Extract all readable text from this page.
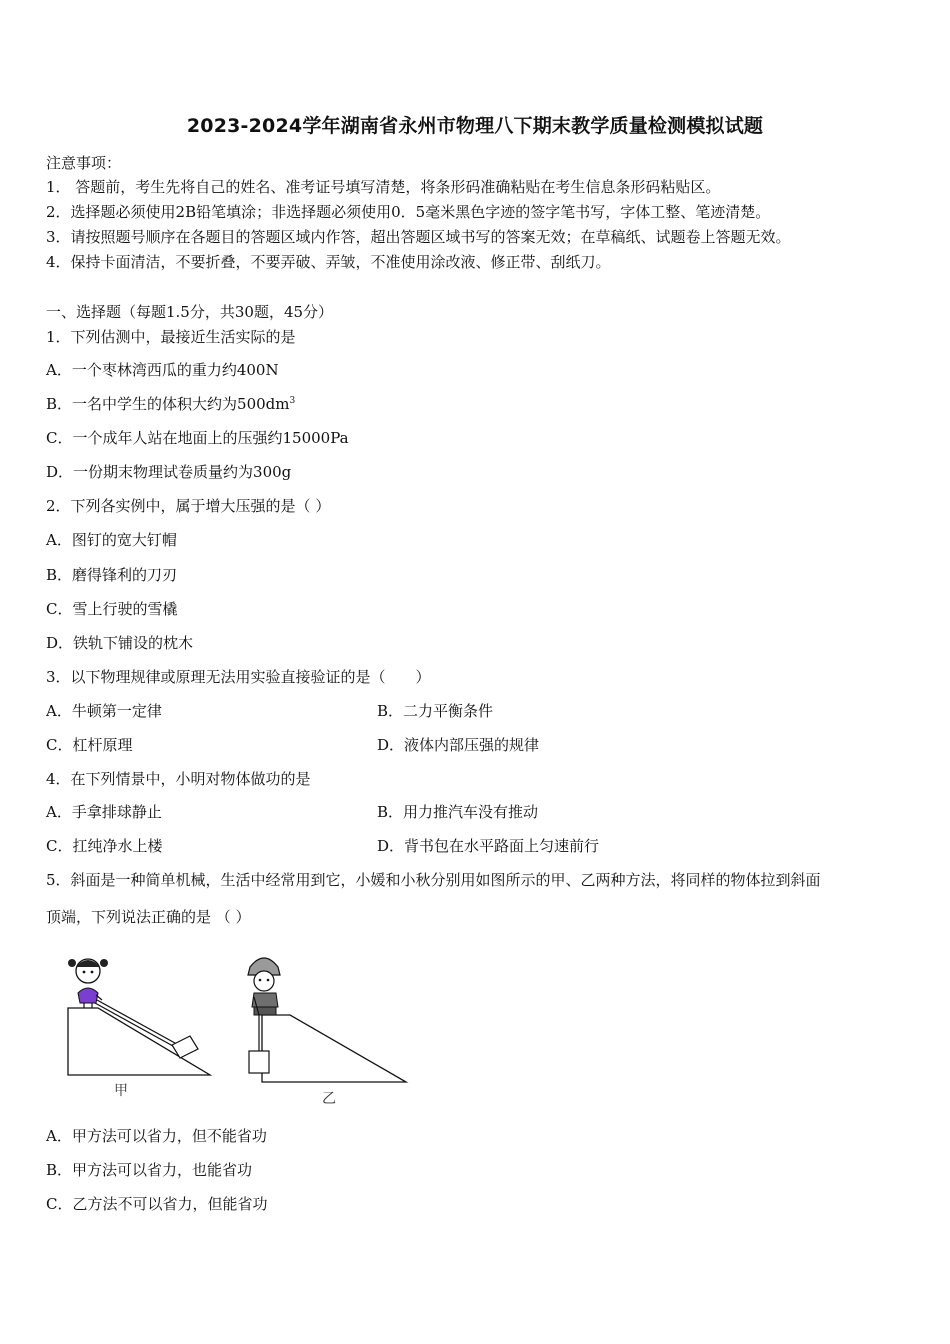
2023-2024学年湖南省永州市物理八下期末教学质量检测模拟试题
注意事项：
1． 答题前，考生先将自己的姓名、准考证号填写清楚，将条形码准确粘贴在考生信息条形码粘贴区。
2．选择题必须使用2B铅笔填涂；非选择题必须使用0．5毫米黑色字迹的签字笔书写，字体工整、笔迹清楚。
3．请按照题号顺序在各题目的答题区域内作答，超出答题区域书写的答案无效；在草稿纸、试题卷上答题无效。
4．保持卡面清洁，不要折叠，不要弄破、弄皱，不准使用涂改液、修正带、刮纸刀。
一、选择题（每题1.5分，共30题，45分）
1．下列估测中，最接近生活实际的是
A．一个枣林湾西瓜的重力约400N
B．一名中学生的体积大约为$500dm^3$
C．一个成年人站在地面上的压强约15000Pa
D．一份期末物理试卷质量约为300g
2．下列各实例中，属于增大压强的是（ ）
A．图钉的宽大钉帽
B．磨得锋利的刀刃
C．雪上行驶的雪橇
D．铁轨下铺设的枕木
3．以下物理规律或原理无法用实验直接验证的是（　　）
A．牛顿第一定律	B．二力平衡条件
C．杠杆原理	D．液体内部压强的规律
4．在下列情景中，小明对物体做功的是
A．手拿排球静止	B．用力推汽车没有推动
C．扛纯净水上楼	D．背书包在水平路面上匀速前行
5．斜面是一种简单机械，生活中经常用到它，小媛和小秋分别用如图所示的甲、乙两种方法，将同样的物体拉到斜面
顶端，下列说法正确的是 （ ）
甲	乙
A．甲方法可以省力，但不能省功
B．甲方法可以省力，也能省功
C．乙方法不可以省力，但能省功
